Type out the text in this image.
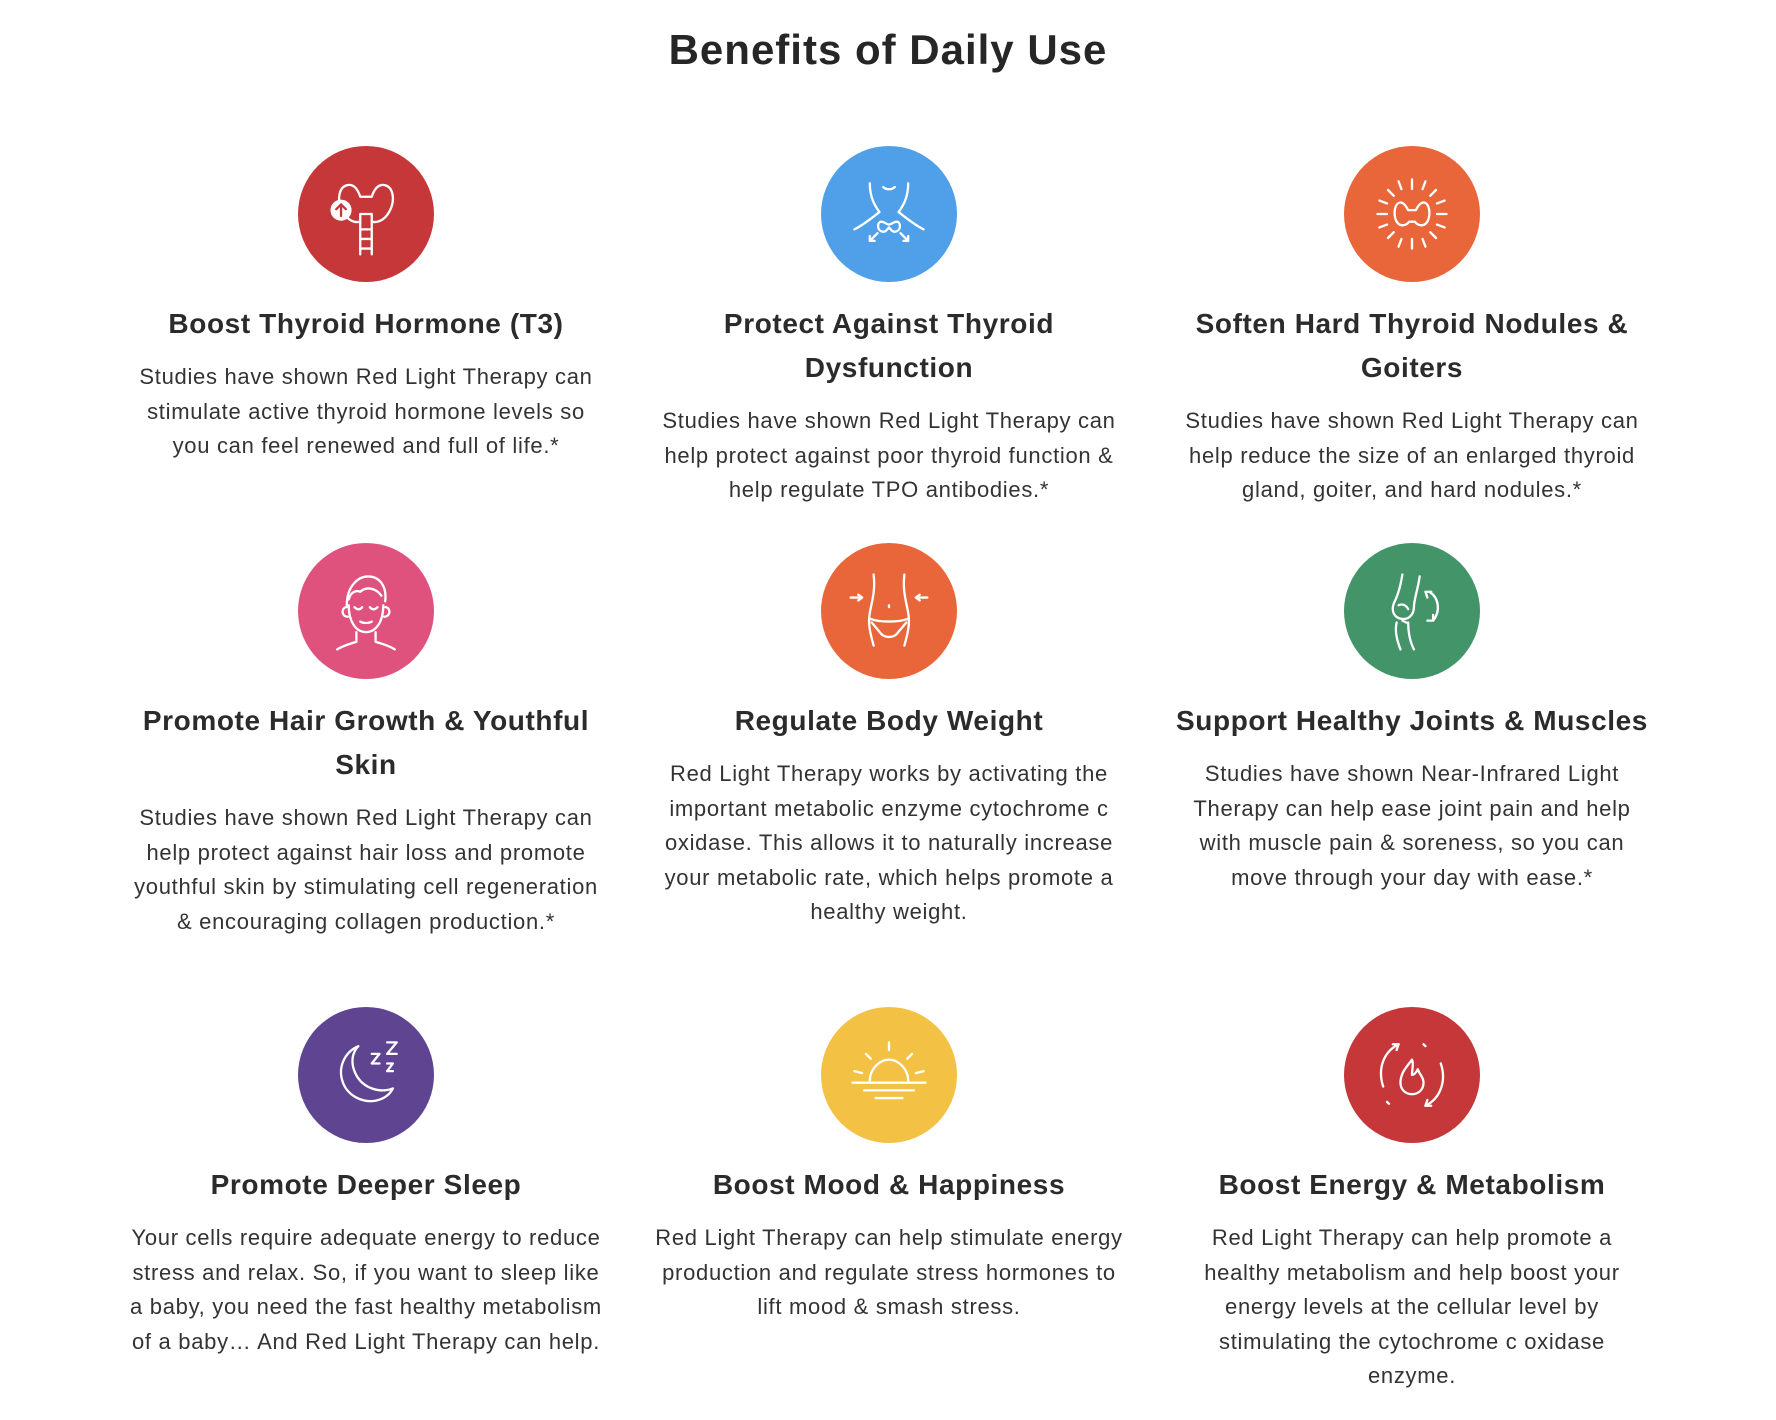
Benefits of Daily Use
Boost Thyroid Hormone (T3)
Studies have shown Red Light Therapy can stimulate active thyroid hormone levels so you can feel renewed and full of life.*
Protect Against Thyroid Dysfunction
Studies have shown Red Light Therapy can help protect against poor thyroid function & help regulate TPO antibodies.*
Soften Hard Thyroid Nodules & Goiters
Studies have shown Red Light Therapy can help reduce the size of an enlarged thyroid gland, goiter, and hard nodules.*
Promote Hair Growth & Youthful Skin
Studies have shown Red Light Therapy can help protect against hair loss and promote youthful skin by stimulating cell regeneration & encouraging collagen production.*
Regulate Body Weight
Red Light Therapy works by activating the important metabolic enzyme cytochrome c oxidase. This allows it to naturally increase your metabolic rate, which helps promote a healthy weight.
Support Healthy Joints & Muscles
Studies have shown Near-Infrared Light Therapy can help ease joint pain and help with muscle pain & soreness, so you can move through your day with ease.*
Promote Deeper Sleep
Your cells require adequate energy to reduce stress and relax. So, if you want to sleep like a baby, you need the fast healthy metabolism of a baby… And Red Light Therapy can help.
Boost Mood & Happiness
Red Light Therapy can help stimulate energy production and regulate stress hormones to lift mood & smash stress.
Boost Energy & Metabolism
Red Light Therapy can help promote a healthy metabolism and help boost your energy levels at the cellular level by stimulating the cytochrome c oxidase enzyme.
